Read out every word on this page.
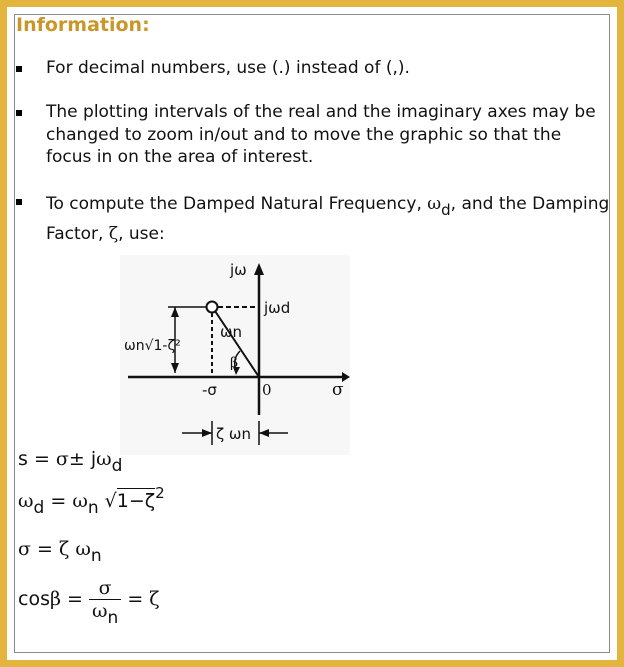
Information:
For decimal numbers, use (.) instead of (,).
The plotting intervals of the real and the imaginary axes may be changed to zoom in/out and to move the graphic so that the focus in on the area of interest.
To compute the Damped Natural Frequency, ωd, and the Damping Factor, ζ, use:
jω
jωd
ωn
β
ωn√1-ζ²
-σ	0	σ
ζ ωn
s = σ± jωd
ωd = ωn $√1-\zeta^2$
σ = ζ ωn
$\cos\beta = \frac{\sigma}{\omega n} = \zeta$
